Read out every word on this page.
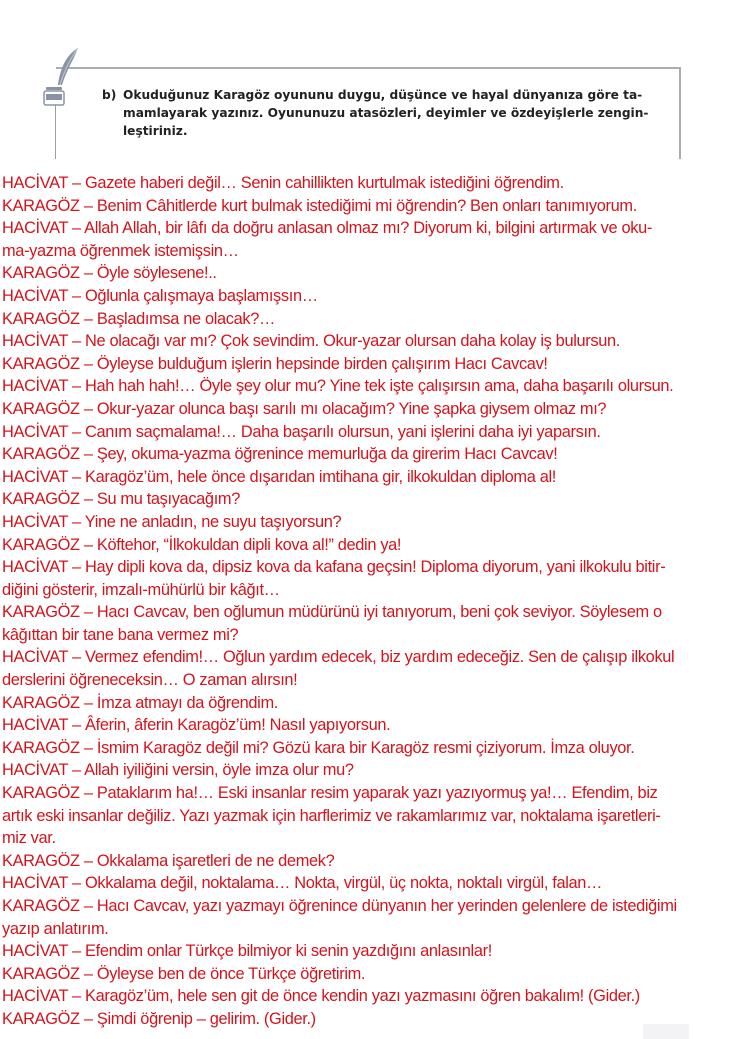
b) Okuduğunuz Karagöz oyununu duygu, düşünce ve hayal dünyanıza göre ta-
mamlayarak yazınız. Oyununuzu atasözleri, deyimler ve özdeyişlerle zengin-
leştiriniz.
HACİVAT – Gazete haberi değil… Senin cahillikten kurtulmak istediğini öğrendim.
KARAGÖZ – Benim Câhitlerde kurt bulmak istediğimi mi öğrendin? Ben onları tanımıyorum.
HACİVAT – Allah Allah, bir lâfı da doğru anlasan olmaz mı? Diyorum ki, bilgini artırmak ve oku-
ma-yazma öğrenmek istemişsin…
KARAGÖZ – Öyle söylesene!..
HACİVAT – Oğlunla çalışmaya başlamışsın…
KARAGÖZ – Başladımsa ne olacak?…
HACİVAT – Ne olacağı var mı? Çok sevindim. Okur-yazar olursan daha kolay iş bulursun.
KARAGÖZ – Öyleyse bulduğum işlerin hepsinde birden çalışırım Hacı Cavcav!
HACİVAT – Hah hah hah!… Öyle şey olur mu? Yine tek işte çalışırsın ama, daha başarılı olursun.
KARAGÖZ – Okur-yazar olunca başı sarılı mı olacağım? Yine şapka giysem olmaz mı?
HACİVAT – Canım saçmalama!… Daha başarılı olursun, yani işlerini daha iyi yaparsın.
KARAGÖZ – Şey, okuma-yazma öğrenince memurluğa da girerim Hacı Cavcav!
HACİVAT – Karagöz’üm, hele önce dışarıdan imtihana gir, ilkokuldan diploma al!
KARAGÖZ – Su mu taşıyacağım?
HACİVAT – Yine ne anladın, ne suyu taşıyorsun?
KARAGÖZ – Köftehor, “İlkokuldan dipli kova al!” dedin ya!
HACİVAT – Hay dipli kova da, dipsiz kova da kafana geçsin! Diploma diyorum, yani ilkokulu bitir-
diğini gösterir, imzalı-mühürlü bir kâğıt…
KARAGÖZ – Hacı Cavcav, ben oğlumun müdürünü iyi tanıyorum, beni çok seviyor. Söylesem o
kâğıttan bir tane bana vermez mi?
HACİVAT – Vermez efendim!… Oğlun yardım edecek, biz yardım edeceğiz. Sen de çalışıp ilkokul
derslerini öğreneceksin… O zaman alırsın!
KARAGÖZ – İmza atmayı da öğrendim.
HACİVAT – Âferin, âferin Karagöz’üm! Nasıl yapıyorsun.
KARAGÖZ – İsmim Karagöz değil mi? Gözü kara bir Karagöz resmi çiziyorum. İmza oluyor.
HACİVAT – Allah iyiliğini versin, öyle imza olur mu?
KARAGÖZ – Pataklarım ha!… Eski insanlar resim yaparak yazı yazıyormuş ya!… Efendim, biz
artık eski insanlar değiliz. Yazı yazmak için harflerimiz ve rakamlarımız var, noktalama işaretleri-
miz var.
KARAGÖZ – Okkalama işaretleri de ne demek?
HACİVAT – Okkalama değil, noktalama… Nokta, virgül, üç nokta, noktalı virgül, falan…
KARAGÖZ – Hacı Cavcav, yazı yazmayı öğrenince dünyanın her yerinden gelenlere de istediğimi
yazıp anlatırım.
HACİVAT – Efendim onlar Türkçe bilmiyor ki senin yazdığını anlasınlar!
KARAGÖZ – Öyleyse ben de önce Türkçe öğretirim.
HACİVAT – Karagöz’üm, hele sen git de önce kendin yazı yazmasını öğren bakalım! (Gider.)
KARAGÖZ – Şimdi öğrenip – gelirim. (Gider.)
